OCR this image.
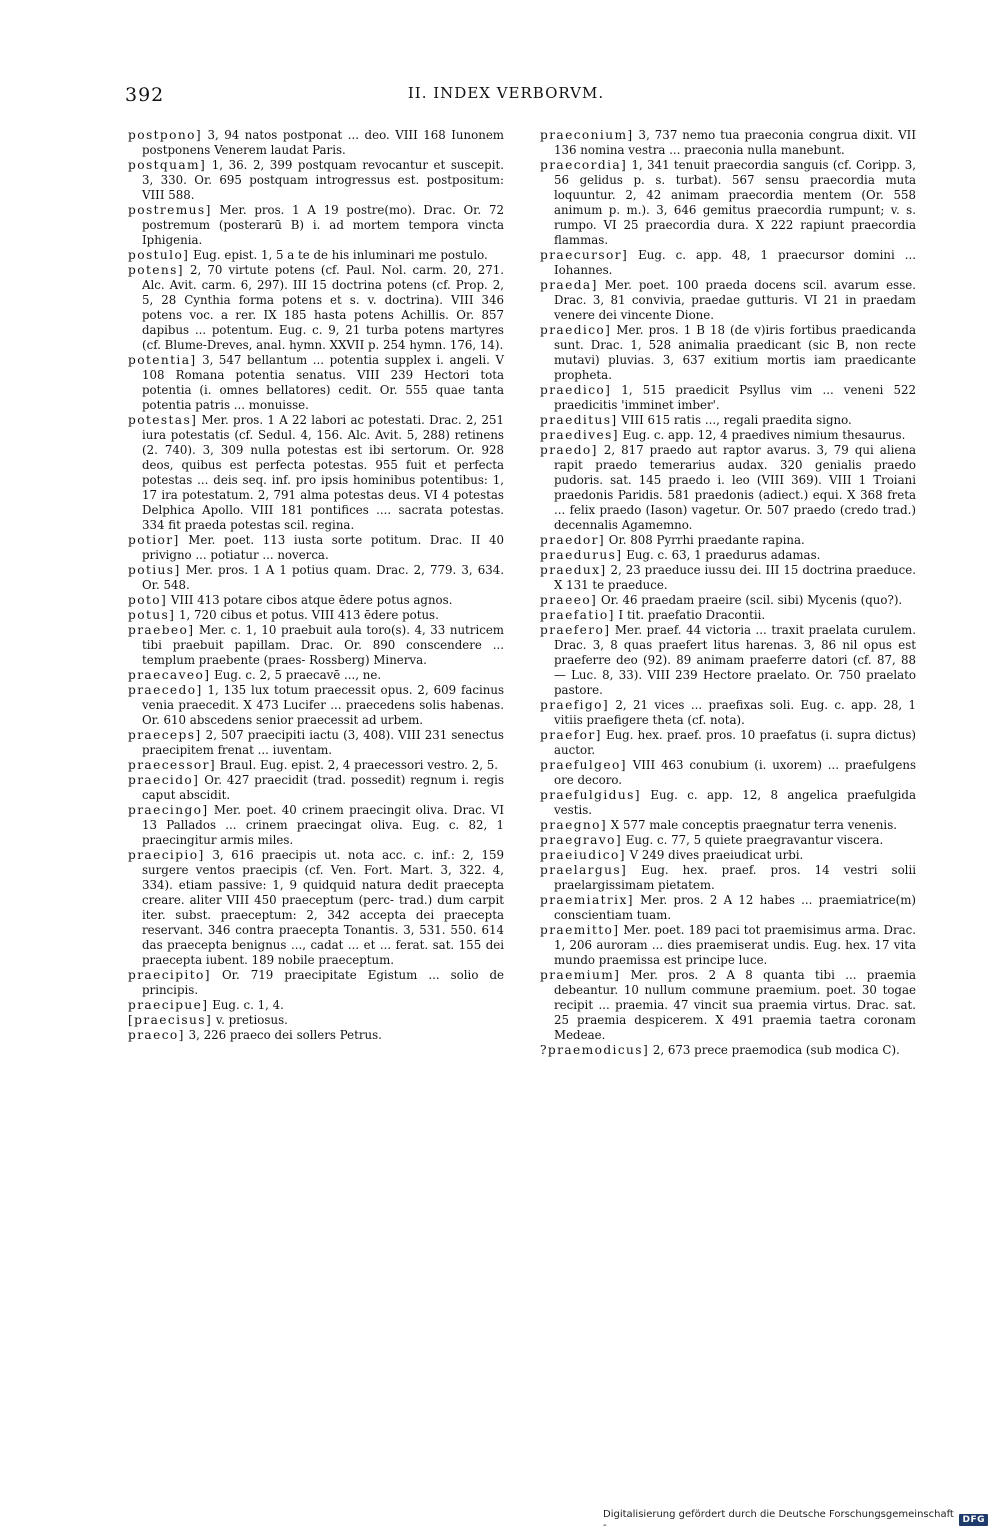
392	II. INDEX VERBORVM.

postpono] 3, 94 natos postponat ... deo. VIII 168 Iunonem postponens Venerem laudat Paris.

postquam] 1, 36. 2, 399 postquam revocantur et suscepit. 3, 330. Or. 695 postquam introgressus est. postpositum: VIII 588.

postremus] Mer. pros. 1 A 19 postre(mo). Drac. Or. 72 postremum (posterarū B) i. ad mortem tempora vincta Iphigenia.

postulo] Eug. epist. 1, 5 a te de his inluminari me postulo.

potens] 2, 70 virtute potens (cf. Paul. Nol. carm. 20, 271. Alc. Avit. carm. 6, 297). III 15 doctrina potens (cf. Prop. 2, 5, 28 Cynthia forma potens et s. v. doctrina). VIII 346 potens voc. a rer. IX 185 hasta potens Achillis. Or. 857 dapibus ... potentum. Eug. c. 9, 21 turba potens martyres (cf. Blume-Dreves, anal. hymn. XXVII p. 254 hymn. 176, 14).

potentia] 3, 547 bellantum ... potentia supplex i. angeli. V 108 Romana potentia senatus. VIII 239 Hectori tota potentia (i. omnes bellatores) cedit. Or. 555 quae tanta potentia patris ... monuisse.

potestas] Mer. pros. 1 A 22 labori ac potestati. Drac. 2, 251 iura potestatis (cf. Sedul. 4, 156. Alc. Avit. 5, 288) retinens (2. 740). 3, 309 nulla potestas est ibi sertorum. Or. 928 deos, quibus est perfecta potestas. 955 fuit et perfecta potestas ... deis seq. inf. pro ipsis hominibus potentibus: 1, 17 ira potestatum. 2, 791 alma potestas deus. VI 4 potestas Delphica Apollo. VIII 181 pontifices .... sacrata potestas. 334 fit praeda potestas scil. regina.

potior] Mer. poet. 113 iusta sorte potitum. Drac. II 40 privigno ... potiatur ... noverca.

potius] Mer. pros. 1 A 1 potius quam. Drac. 2, 779. 3, 634. Or. 548.

poto] VIII 413 potare cibos atque ēdere potus agnos.

potus] 1, 720 cibus et potus. VIII 413 ēdere potus.

praebeo] Mer. c. 1, 10 praebuit aula toro(s). 4, 33 nutricem tibi praebuit papillam. Drac. Or. 890 conscendere ... templum praebente (praes- Rossberg) Minerva.

praecaveo] Eug. c. 2, 5 praecavē ..., ne.

praecedo] 1, 135 lux totum praecessit opus. 2, 609 facinus venia praecedit. X 473 Lucifer ... praecedens solis habenas. Or. 610 abscedens senior praecessit ad urbem.

praeceps] 2, 507 praecipiti iactu (3, 408). VIII 231 senectus praecipitem frenat ... iuventam.

praecessor] Braul. Eug. epist. 2, 4 praecessori vestro. 2, 5.

praecido] Or. 427 praecidit (trad. possedit) regnum i. regis caput abscidit.

praecingo] Mer. poet. 40 crinem praecingit oliva. Drac. VI 13 Pallados ... crinem praecingat oliva. Eug. c. 82, 1 praecingitur armis miles.

praecipio] 3, 616 praecipis ut. nota acc. c. inf.: 2, 159 surgere ventos praecipis (cf. Ven. Fort. Mart. 3, 322. 4, 334). etiam passive: 1, 9 quidquid natura dedit praecepta creare. aliter VIII 450 praeceptum (perc- trad.) dum carpit iter. subst. praeceptum: 2, 342 accepta dei praecepta reservant. 346 contra praecepta Tonantis. 3, 531. 550. 614 das praecepta benignus ..., cadat ... et ... ferat. sat. 155 dei praecepta iubent. 189 nobile praeceptum.

praecipito] Or. 719 praecipitate Egistum ... solio de principis.

praecipue] Eug. c. 1, 4.

[praecisus] v. pretiosus.

praeco] 3, 226 praeco dei sollers Petrus.

praeconium] 3, 737 nemo tua praeconia congrua dixit. VII 136 nomina vestra ... praeconia nulla manebunt.

praecordia] 1, 341 tenuit praecordia sanguis (cf. Coripp. 3, 56 gelidus p. s. turbat). 567 sensu praecordia muta loquuntur. 2, 42 animam praecordia mentem (Or. 558 animum p. m.). 3, 646 gemitus praecordia rumpunt; v. s. rumpo. VI 25 praecordia dura. X 222 rapiunt praecordia flammas.

praecursor] Eug. c. app. 48, 1 praecursor domini ... Iohannes.

praeda] Mer. poet. 100 praeda docens scil. avarum esse. Drac. 3, 81 convivia, praedae gutturis. VI 21 in praedam venere dei vincente Dione.

praedico] Mer. pros. 1 B 18 (de v)iris fortibus praedicanda sunt. Drac. 1, 528 animalia praedicant (sic B, non recte mutavi) pluvias. 3, 637 exitium mortis iam praedicante propheta.

praedico] 1, 515 praedicit Psyllus vim ... veneni 522 praedicitis 'imminet imber'.

praeditus] VIII 615 ratis ..., regali praedita signo.

praedives] Eug. c. app. 12, 4 praedives nimium thesaurus.

praedo] 2, 817 praedo aut raptor avarus. 3, 79 qui aliena rapit praedo temerarius audax. 320 genialis praedo pudoris. sat. 145 praedo i. leo (VIII 369). VIII 1 Troiani praedonis Paridis. 581 praedonis (adiect.) equi. X 368 freta ... felix praedo (Iason) vagetur. Or. 507 praedo (credo trad.) decennalis Agamemno.

praedor] Or. 808 Pyrrhi praedante rapina.

praedurus] Eug. c. 63, 1 praedurus adamas.

praedux] 2, 23 praeduce iussu dei. III 15 doctrina praeduce. X 131 te praeduce.

praeeo] Or. 46 praedam praeire (scil. sibi) Mycenis (quo?).

praefatio] I tit. praefatio Dracontii.

praefero] Mer. praef. 44 victoria ... traxit praelata curulem. Drac. 3, 8 quas praefert litus harenas. 3, 86 nil opus est praeferre deo (92). 89 animam praeferre datori (cf. 87, 88 — Luc. 8, 33). VIII 239 Hectore praelato. Or. 750 praelato pastore.

praefigo] 2, 21 vices ... praefixas soli. Eug. c. app. 28, 1 vitiis praefigere theta (cf. nota).

praefor] Eug. hex. praef. pros. 10 praefatus (i. supra dictus) auctor.

praefulgeo] VIII 463 conubium (i. uxorem) ... praefulgens ore decoro.

praefulgidus] Eug. c. app. 12, 8 angelica praefulgida vestis.

praegno] X 577 male conceptis praegnatur terra venenis.

praegravo] Eug. c. 77, 5 quiete praegravantur viscera.

praeiudico] V 249 dives praeiudicat urbi.

praelargus] Eug. hex. praef. pros. 14 vestri solii praelargissimam pietatem.

praemiatrix] Mer. pros. 2 A 12 habes ... praemiatrice(m) conscientiam tuam.

praemitto] Mer. poet. 189 paci tot praemisimus arma. Drac. 1, 206 auroram ... dies praemiserat undis. Eug. hex. 17 vita mundo praemissa est principe luce.

praemium] Mer. pros. 2 A 8 quanta tibi ... praemia debeantur. 10 nullum commune praemium. poet. 30 togae recipit ... praemia. 47 vincit sua praemia virtus. Drac. sat. 25 praemia despicerem. X 491 praemia taetra coronam Medeae.

?praemodicus] 2, 673 prece praemodica (sub modica C).

Digitalisierung gefördert durch die Deutsche Forschungsgemeinschaft -	DFG
